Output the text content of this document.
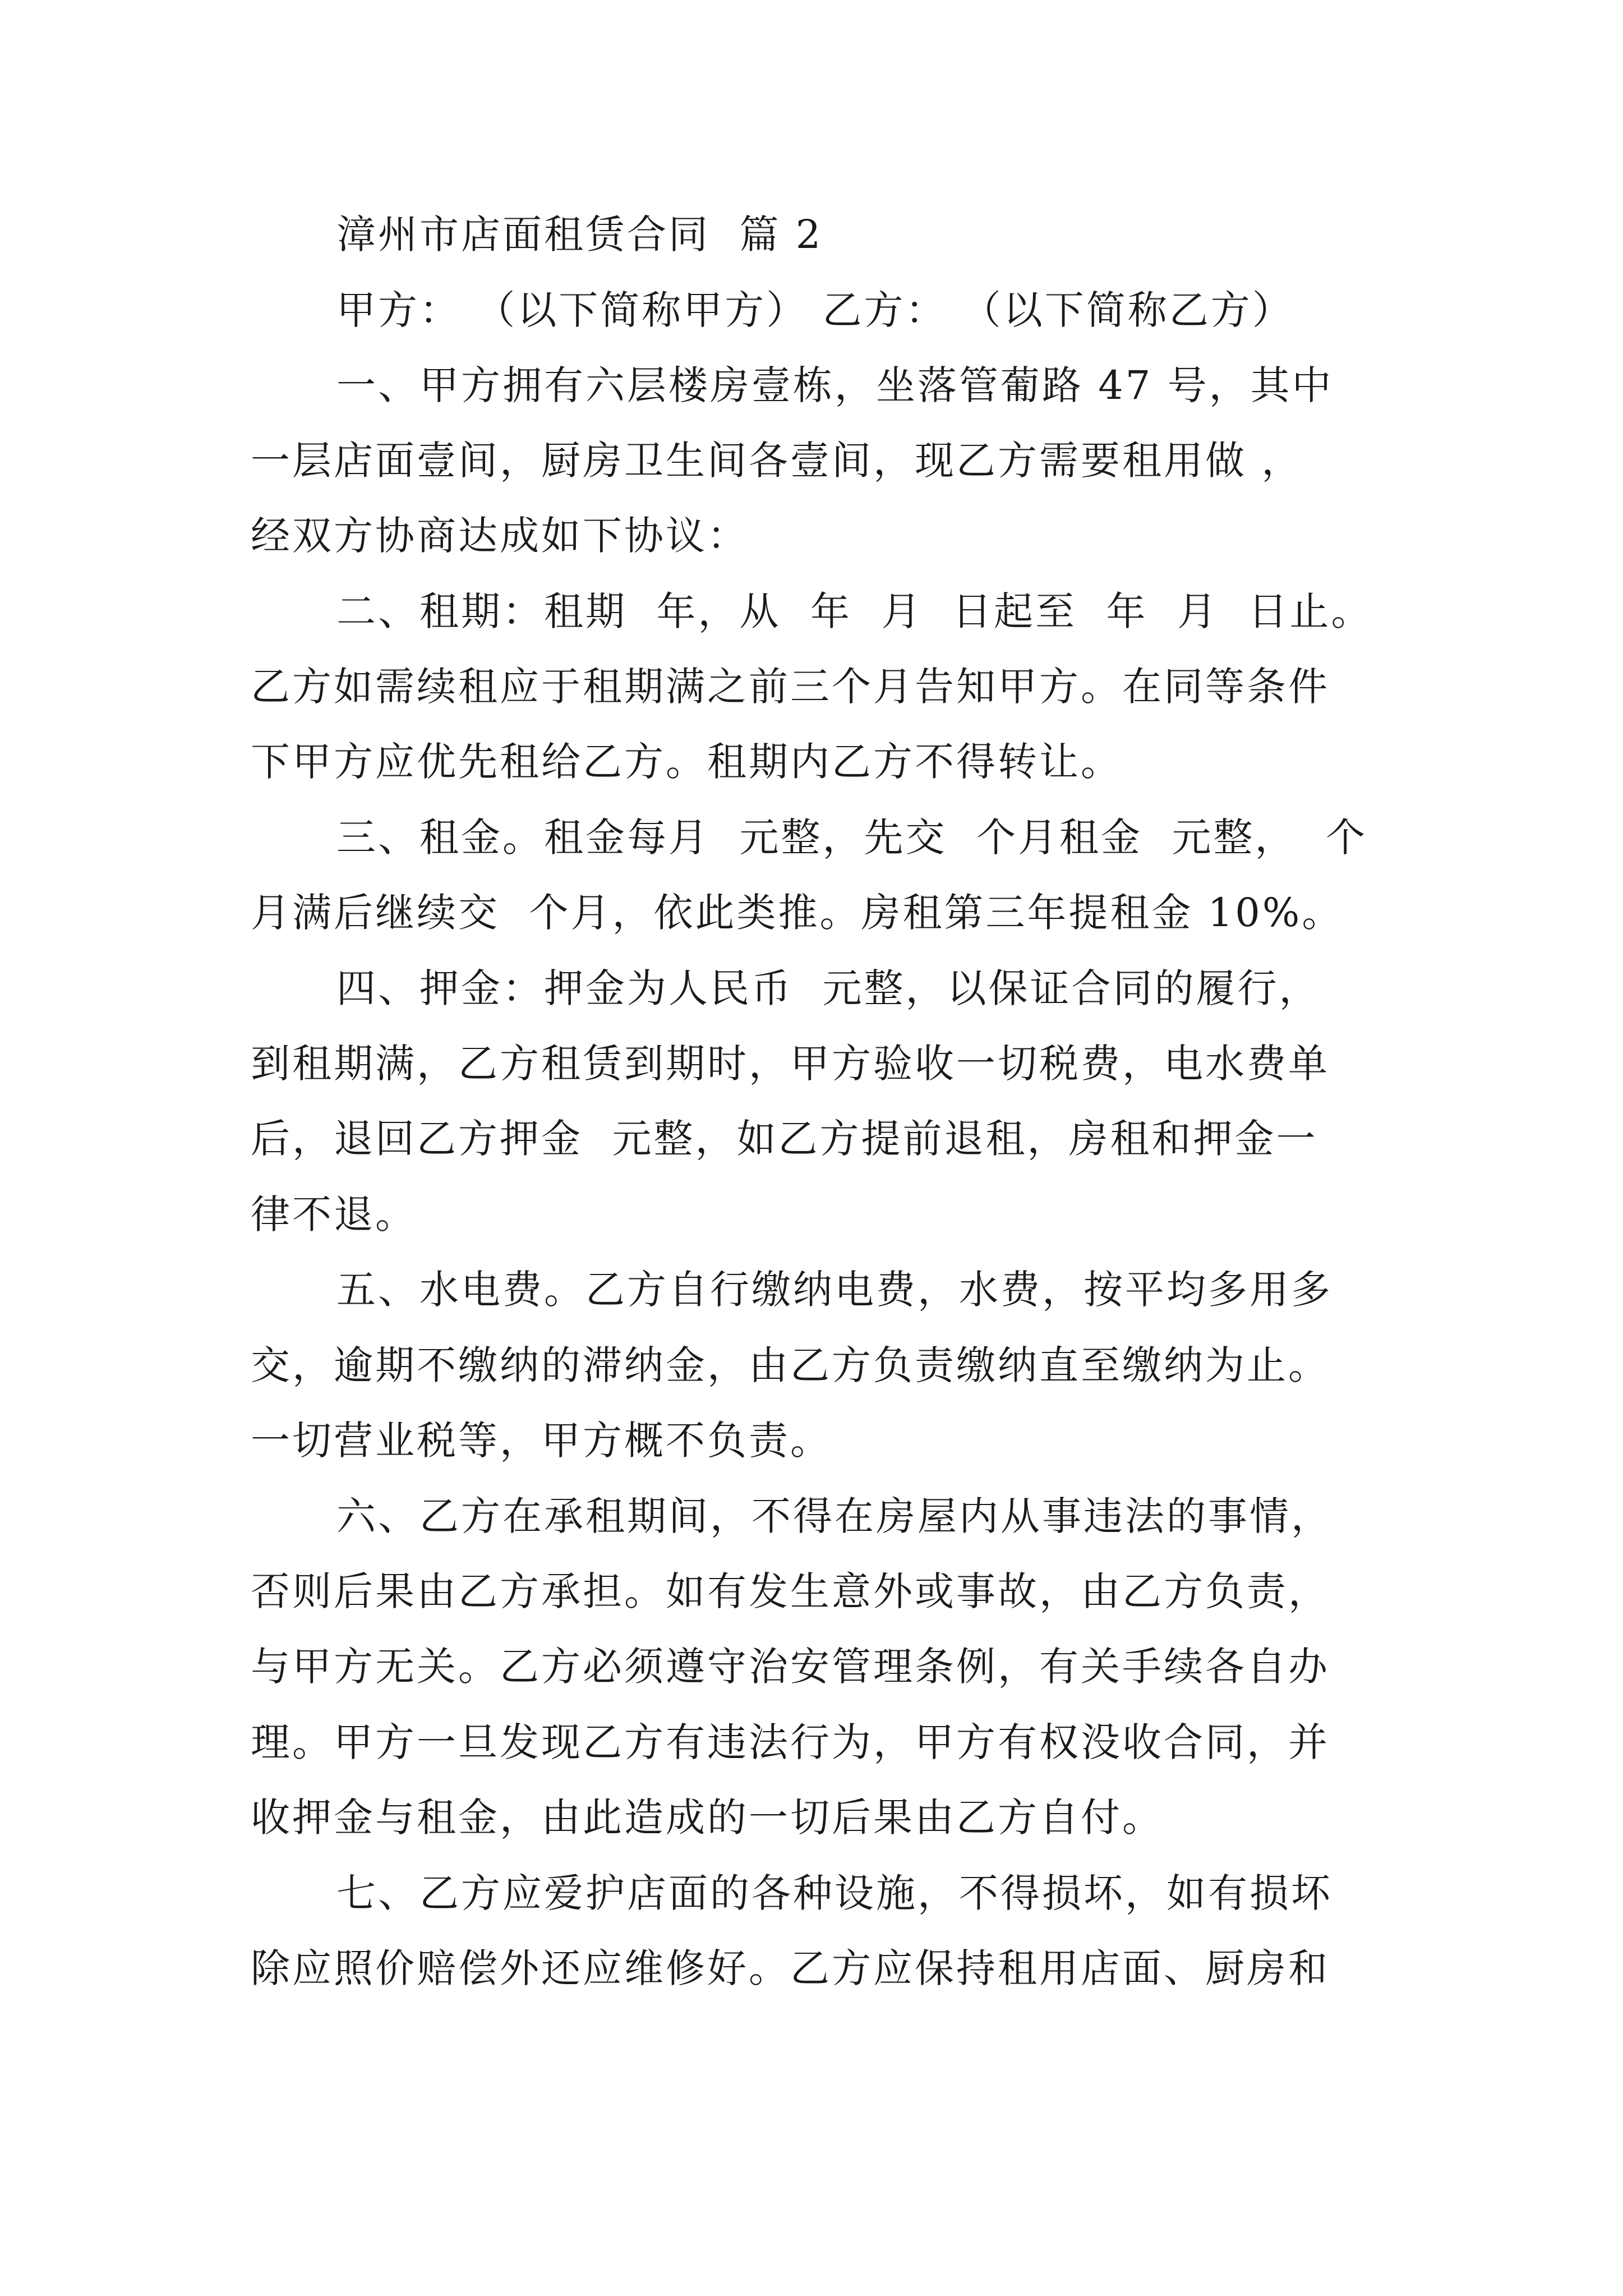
漳州市店面租赁合同  篇 2
甲方： （以下简称甲方） 乙方： （以下简称乙方）
一、甲方拥有六层楼房壹栋，坐落管葡路 47 号，其中
一层店面壹间，厨房卫生间各壹间，现乙方需要租用做 ，
经双方协商达成如下协议：
二、租期：租期  年，从  年  月  日起至  年  月  日止。
乙方如需续租应于租期满之前三个月告知甲方。在同等条件
下甲方应优先租给乙方。租期内乙方不得转让。
三、租金。租金每月  元整，先交  个月租金  元整，  个
月满后继续交  个月，依此类推。房租第三年提租金 10%。
四、押金：押金为人民币  元整，以保证合同的履行，
到租期满，乙方租赁到期时，甲方验收一切税费，电水费单
后，退回乙方押金  元整，如乙方提前退租，房租和押金一
律不退。
五、水电费。乙方自行缴纳电费，水费，按平均多用多
交，逾期不缴纳的滞纳金，由乙方负责缴纳直至缴纳为止。
一切营业税等，甲方概不负责。
六、乙方在承租期间，不得在房屋内从事违法的事情，
否则后果由乙方承担。如有发生意外或事故，由乙方负责，
与甲方无关。乙方必须遵守治安管理条例，有关手续各自办
理。甲方一旦发现乙方有违法行为，甲方有权没收合同，并
收押金与租金，由此造成的一切后果由乙方自付。
七、乙方应爱护店面的各种设施，不得损坏，如有损坏
除应照价赔偿外还应维修好。乙方应保持租用店面、厨房和
